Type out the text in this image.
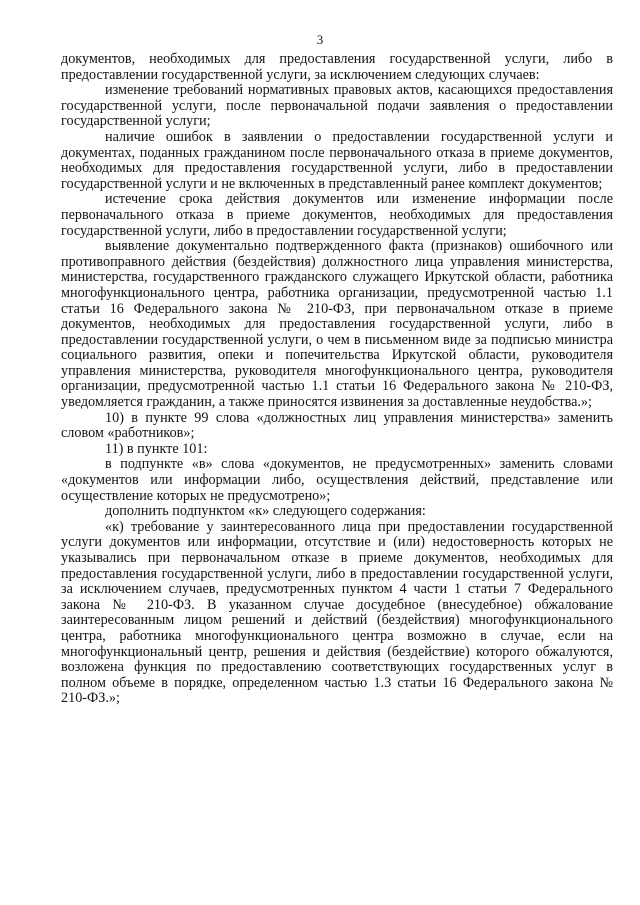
3

документов, необходимых для предоставления государственной услуги, либо в предоставлении государственной услуги, за исключением следующих случаев:

изменение требований нормативных правовых актов, касающихся предоставления государственной услуги, после первоначальной подачи заявления о предоставлении государственной услуги;

наличие ошибок в заявлении о предоставлении государственной услуги и документах, поданных гражданином после первоначального отказа в приеме документов, необходимых для предоставления государственной услуги, либо в предоставлении государственной услуги и не включенных в представленный ранее комплект документов;

истечение срока действия документов или изменение информации после первоначального отказа в приеме документов, необходимых для предоставления государственной услуги, либо в предоставлении государственной услуги;

выявление документально подтвержденного факта (признаков) ошибочного или противоправного действия (бездействия) должностного лица управления министерства, министерства, государственного гражданского служащего Иркутской области, работника многофункционального центра, работника организации, предусмотренной частью 1.1 статьи 16 Федерального закона № 210-ФЗ, при первоначальном отказе в приеме документов, необходимых для предоставления государственной услуги, либо в предоставлении государственной услуги, о чем в письменном виде за подписью министра социального развития, опеки и попечительства Иркутской области, руководителя управления министерства, руководителя многофункционального центра, руководителя организации, предусмотренной частью 1.1 статьи 16 Федерального закона № 210-ФЗ, уведомляется гражданин, а также приносятся извинения за доставленные неудобства.»;

10) в пункте 99 слова «должностных лиц управления министерства» заменить словом «работников»;

11) в пункте 101:

в подпункте «в» слова «документов, не предусмотренных» заменить словами «документов или информации либо, осуществления действий, представление или осуществление которых не предусмотрено»;

дополнить подпунктом «к» следующего содержания:

«к) требование у заинтересованного лица при предоставлении государственной услуги документов или информации, отсутствие и (или) недостоверность которых не указывались при первоначальном отказе в приеме документов, необходимых для предоставления государственной услуги, либо в предоставлении государственной услуги, за исключением случаев, предусмотренных пунктом 4 части 1 статьи 7 Федерального закона № 210-ФЗ. В указанном случае досудебное (внесудебное) обжалование заинтересованным лицом решений и действий (бездействия) многофункционального центра, работника многофункционального центра возможно в случае, если на многофункциональный центр, решения и действия (бездействие) которого обжалуются, возложена функция по предоставлению соответствующих государственных услуг в полном объеме в порядке, определенном частью 1.3 статьи 16 Федерального закона № 210-ФЗ.»;
